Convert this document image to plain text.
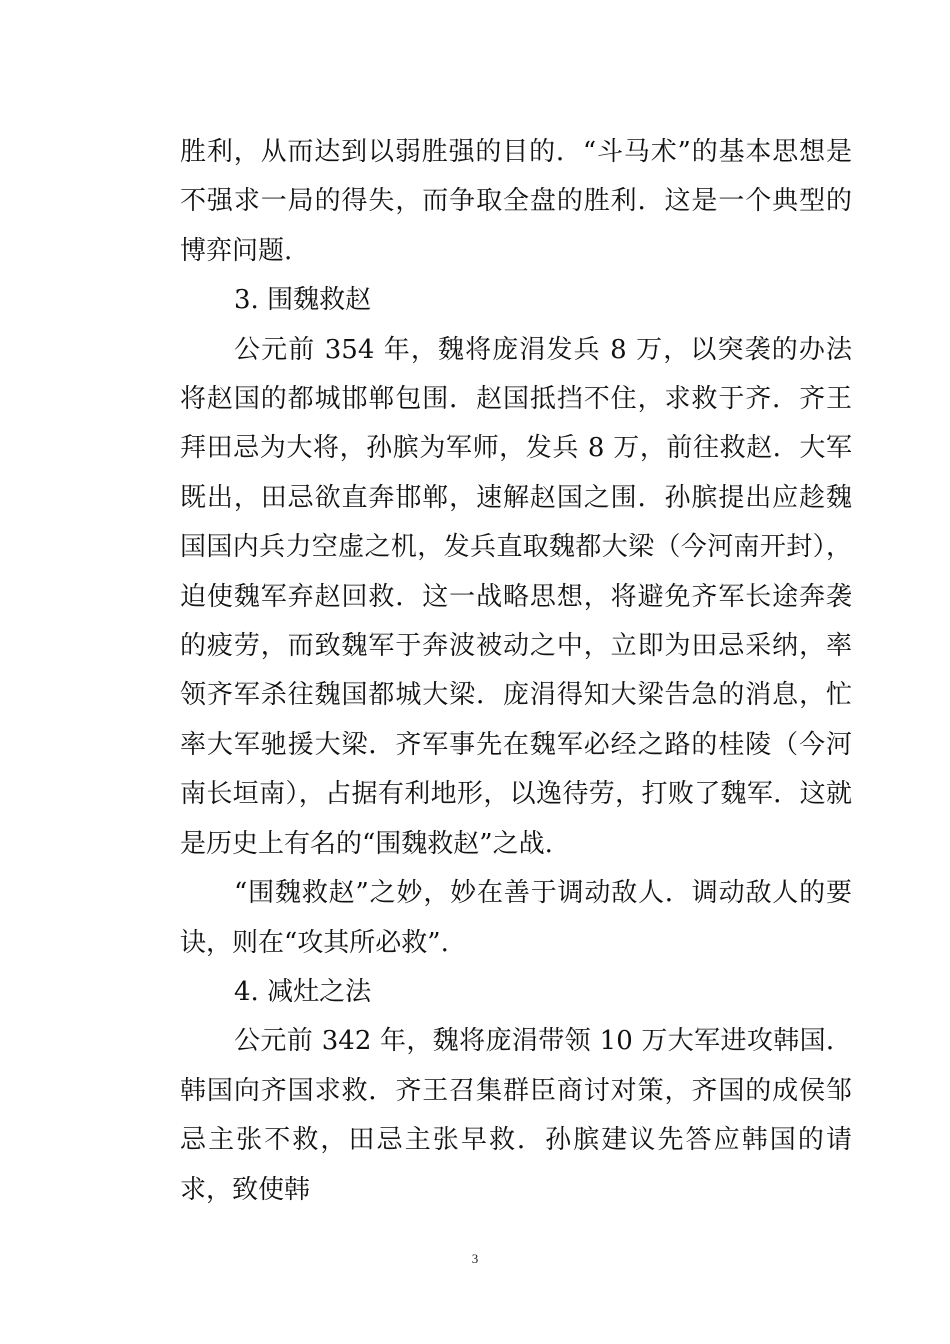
胜利，从而达到以弱胜强的目的．“斗马术”的基本思想是不强求一局的得失，而争取全盘的胜利．这是一个典型的博弈问题.

3. 围魏救赵

公元前 354 年，魏将庞涓发兵 8 万，以突袭的办法将赵国的都城邯郸包围．赵国抵挡不住，求救于齐．齐王拜田忌为大将，孙膑为军师，发兵 8 万，前往救赵．大军既出，田忌欲直奔邯郸，速解赵国之围．孙膑提出应趁魏国国内兵力空虚之机，发兵直取魏都大梁（今河南开封），迫使魏军弃赵回救．这一战略思想，将避免齐军长途奔袭的疲劳，而致魏军于奔波被动之中，立即为田忌采纳，率领齐军杀往魏国都城大梁．庞涓得知大梁告急的消息，忙率大军驰援大梁．齐军事先在魏军必经之路的桂陵（今河南长垣南），占据有利地形，以逸待劳，打败了魏军．这就是历史上有名的“围魏救赵”之战.

“围魏救赵”之妙，妙在善于调动敌人．调动敌人的要诀，则在“攻其所必救”.

4. 减灶之法

公元前 342 年，魏将庞涓带领 10 万大军进攻韩国．韩国向齐国求救．齐王召集群臣商讨对策，齐国的成侯邹忌主张不救，田忌主张早救．孙膑建议先答应韩国的请求，致使韩

3
